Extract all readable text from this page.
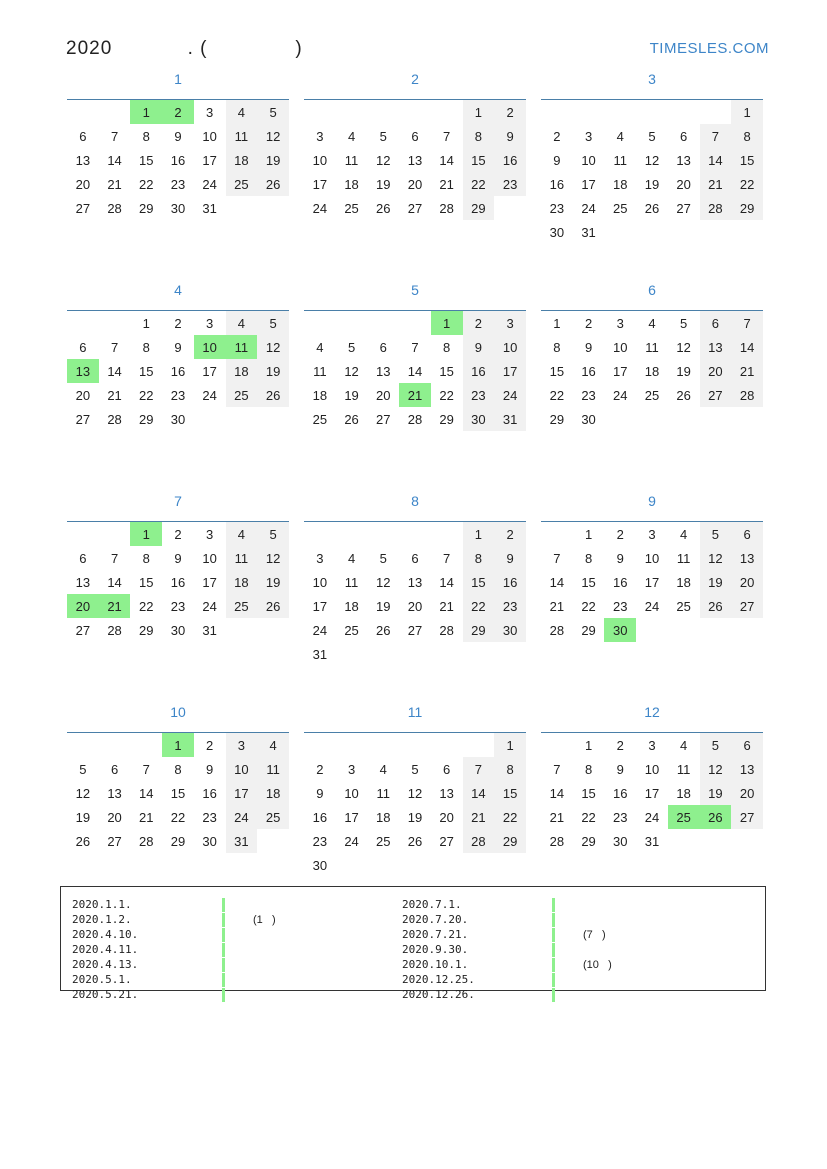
2020            . (              )	TIMESLES.COM
1
		1	2	3	4	5
6	7	8	9	10	11	12
13	14	15	16	17	18	19
20	21	22	23	24	25	26
27	28	29	30	31		
2
					1	2
3	4	5	6	7	8	9
10	11	12	13	14	15	16
17	18	19	20	21	22	23
24	25	26	27	28	29	
3
						1
2	3	4	5	6	7	8
9	10	11	12	13	14	15
16	17	18	19	20	21	22
23	24	25	26	27	28	29
30	31					
4
		1	2	3	4	5
6	7	8	9	10	11	12
13	14	15	16	17	18	19
20	21	22	23	24	25	26
27	28	29	30			
5
				1	2	3
4	5	6	7	8	9	10
11	12	13	14	15	16	17
18	19	20	21	22	23	24
25	26	27	28	29	30	31
6
1	2	3	4	5	6	7
8	9	10	11	12	13	14
15	16	17	18	19	20	21
22	23	24	25	26	27	28
29	30					
7
		1	2	3	4	5
6	7	8	9	10	11	12
13	14	15	16	17	18	19
20	21	22	23	24	25	26
27	28	29	30	31		
8
					1	2
3	4	5	6	7	8	9
10	11	12	13	14	15	16
17	18	19	20	21	22	23
24	25	26	27	28	29	30
31						
9
	1	2	3	4	5	6
7	8	9	10	11	12	13
14	15	16	17	18	19	20
21	22	23	24	25	26	27
28	29	30				
10
			1	2	3	4
5	6	7	8	9	10	11
12	13	14	15	16	17	18
19	20	21	22	23	24	25
26	27	28	29	30	31	
11
						1
2	3	4	5	6	7	8
9	10	11	12	13	14	15
16	17	18	19	20	21	22
23	24	25	26	27	28	29
30						
12
	1	2	3	4	5	6
7	8	9	10	11	12	13
14	15	16	17	18	19	20
21	22	23	24	25	26	27
28	29	30	31			
2020.1.1.
2020.1.2.	(1   )
2020.4.10.
2020.4.11.
2020.4.13.
2020.5.1.
2020.5.21.
2020.7.1.
2020.7.20.
2020.7.21.	(7   )
2020.9.30.
2020.10.1.	(10   )
2020.12.25.
2020.12.26.
